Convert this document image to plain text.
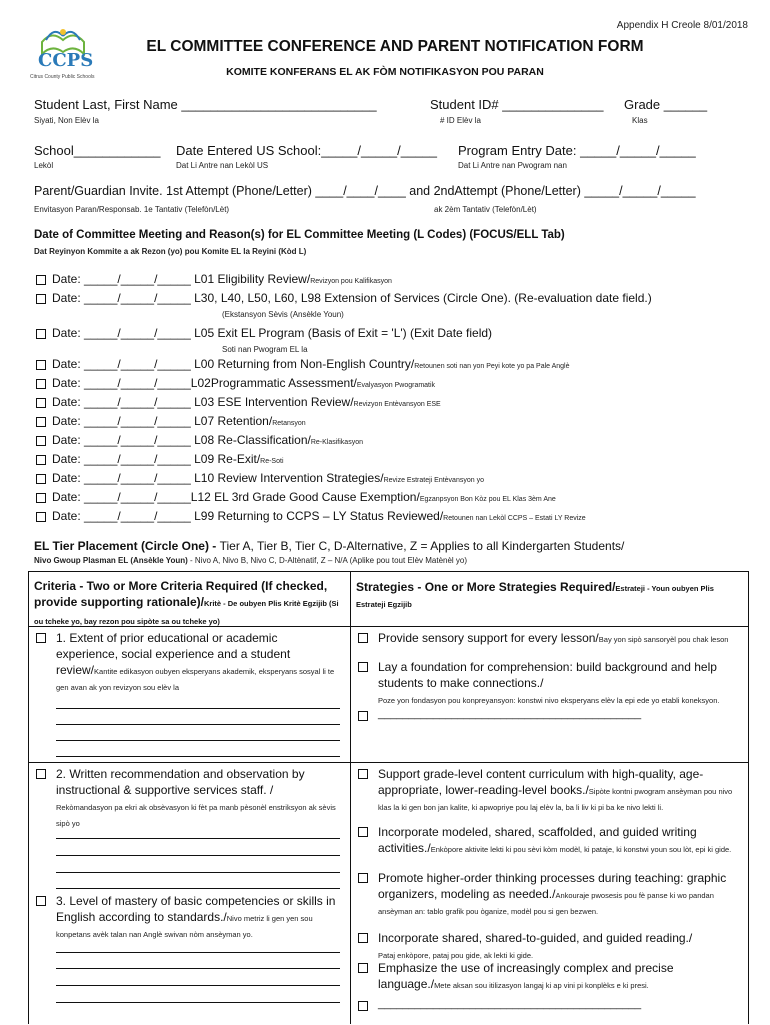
Appendix H Creole 8/01/2018
CCPS
Citrus County Public Schools
EL COMMITTEE CONFERENCE AND PARENT NOTIFICATION FORM
KOMITE KONFERANS EL AK FÒM NOTIFIKASYON POU PARAN
Student Last, First Name ___________________________
Siyati, Non Elèv la
Student ID# ______________
# ID Elèv la
Grade ______
Klas
School____________
Lekòl
Date Entered US School:_____/_____/_____
Dat Li Antre nan Lekòl US
Program Entry Date: _____/_____/_____
Dat Li Antre nan Pwogram nan
Parent/Guardian Invite. 1st Attempt (Phone/Letter) ____/____/____ and 2ndAttempt (Phone/Letter) _____/_____/_____
Envitasyon Paran/Responsab. 1e Tantativ (Telefòn/Lèt)	ak 2èm Tantativ (Telefòn/Lèt)
Date of Committee Meeting and Reason(s) for EL Committee Meeting (L Codes) (FOCUS/ELL Tab)
Dat Reyinyon Kommite a ak Rezon (yo) pou Komite EL la Reyini (Kòd L)
Date: _____/_____/_____ L01 Eligibility Review/Revizyon pou Kalifikasyon
Date: _____/_____/_____ L30, L40, L50, L60, L98 Extension of Services (Circle One). (Re-evaluation date field.)
(Ekstansyon Sèvis (Ansèkle Youn)
Date: _____/_____/_____ L05 Exit EL Program (Basis of Exit = 'L') (Exit Date field)
Soti nan Pwogram EL la
Date: _____/_____/_____ L00 Returning from Non-English Country/Retounen soti nan yon Peyi kote yo pa Pale Anglè
Date: _____/_____/_____L02Programmatic Assessment/Evalyasyon Pwogramatik
Date: _____/_____/_____ L03 ESE Intervention Review/Revizyon Entèvansyon ESE
Date: _____/_____/_____ L07 Retention/Retansyon
Date: _____/_____/_____ L08 Re-Classification/Re-Klasifikasyon
Date: _____/_____/_____ L09 Re-Exit/Re-Soti
Date: _____/_____/_____ L10 Review Intervention Strategies/Revize Estrateji Entèvansyon yo
Date: _____/_____/_____L12 EL 3rd Grade Good Cause Exemption/Egzanpsyon Bon Kòz pou EL Klas 3èm Ane
Date: _____/_____/_____ L99 Returning to CCPS – LY Status Reviewed/Retounen nan Lekòl CCPS – Estati LY Revize
EL Tier Placement (Circle One) - Tier A, Tier B, Tier C, D-Alternative, Z = Applies to all Kindergarten Students/
Nivo Gwoup Plasman EL (Ansèkle Youn) - Nivo A, Nivo B, Nivo C, D-Altènatif, Z – N/A (Aplike pou tout Elèv Matènèl yo)
Criteria - Two or More Criteria Required (If checked, provide supporting rationale)/Kritè - De oubyen Plis Kritè Egzijib (Si ou tcheke yo, bay rezon pou sipòte sa ou tcheke yo)
Strategies - One or More Strategies Required/Estrateji - Youn oubyen Plis Estrateji Egzijib
1. Extent of prior educational or academic experience, social experience and a student review/Kantite edikasyon oubyen eksperyans akademik, eksperyans sosyal li te gen avan ak yon revizyon sou elèv la
2. Written recommendation and observation by instructional & supportive services staff. /
Rekòmandasyon pa ekri ak obsèvasyon ki fèt pa manb pèsonèl enstriksyon ak sèvis sipò yo
3. Level of mastery of basic competencies or skills in English according to standards./Nivo metriz li gen yen sou konpetans avèk talan nan Anglè swivan nòm ansèyman yo.
Provide sensory support for every lesson/Bay yon sipò sansoryèl pou chak leson
Lay a foundation for comprehension: build background and help students to make connections./
Poze yon fondasyon pou konpreyansyon: konstwi nivo eksperyans elèv la epi ede yo etabli koneksyon.
___________________________________________
Support grade-level content curriculum with high-quality, age-appropriate, lower-reading-level books./Sipòte kontni pwogram ansèyman pou nivo klas la ki gen bon jan kalite, ki apwopriye pou laj elèv la, ba li liv ki pi ba ke nivo lekti li.
Incorporate modeled, shared, scaffolded, and guided writing activities./Enkòpore aktivite lekti ki pou sèvi kòm modèl, ki pataje, ki konstwi youn sou lòt, epi ki gide.
Promote higher-order thinking processes during teaching: graphic organizers, modeling as needed./Ankouraje pwosesis pou fè panse ki wo pandan ansèyman an: tablo grafik pou òganize, modèl pou si gen bezwen.
Incorporate shared, shared-to-guided, and guided reading./
Pataj enkòpore, pataj pou gide, ak lekti ki gide.
Emphasize the use of increasingly complex and precise language./Mete aksan sou itilizasyon langaj ki ap vini pi konplèks e ki presi.
___________________________________________
